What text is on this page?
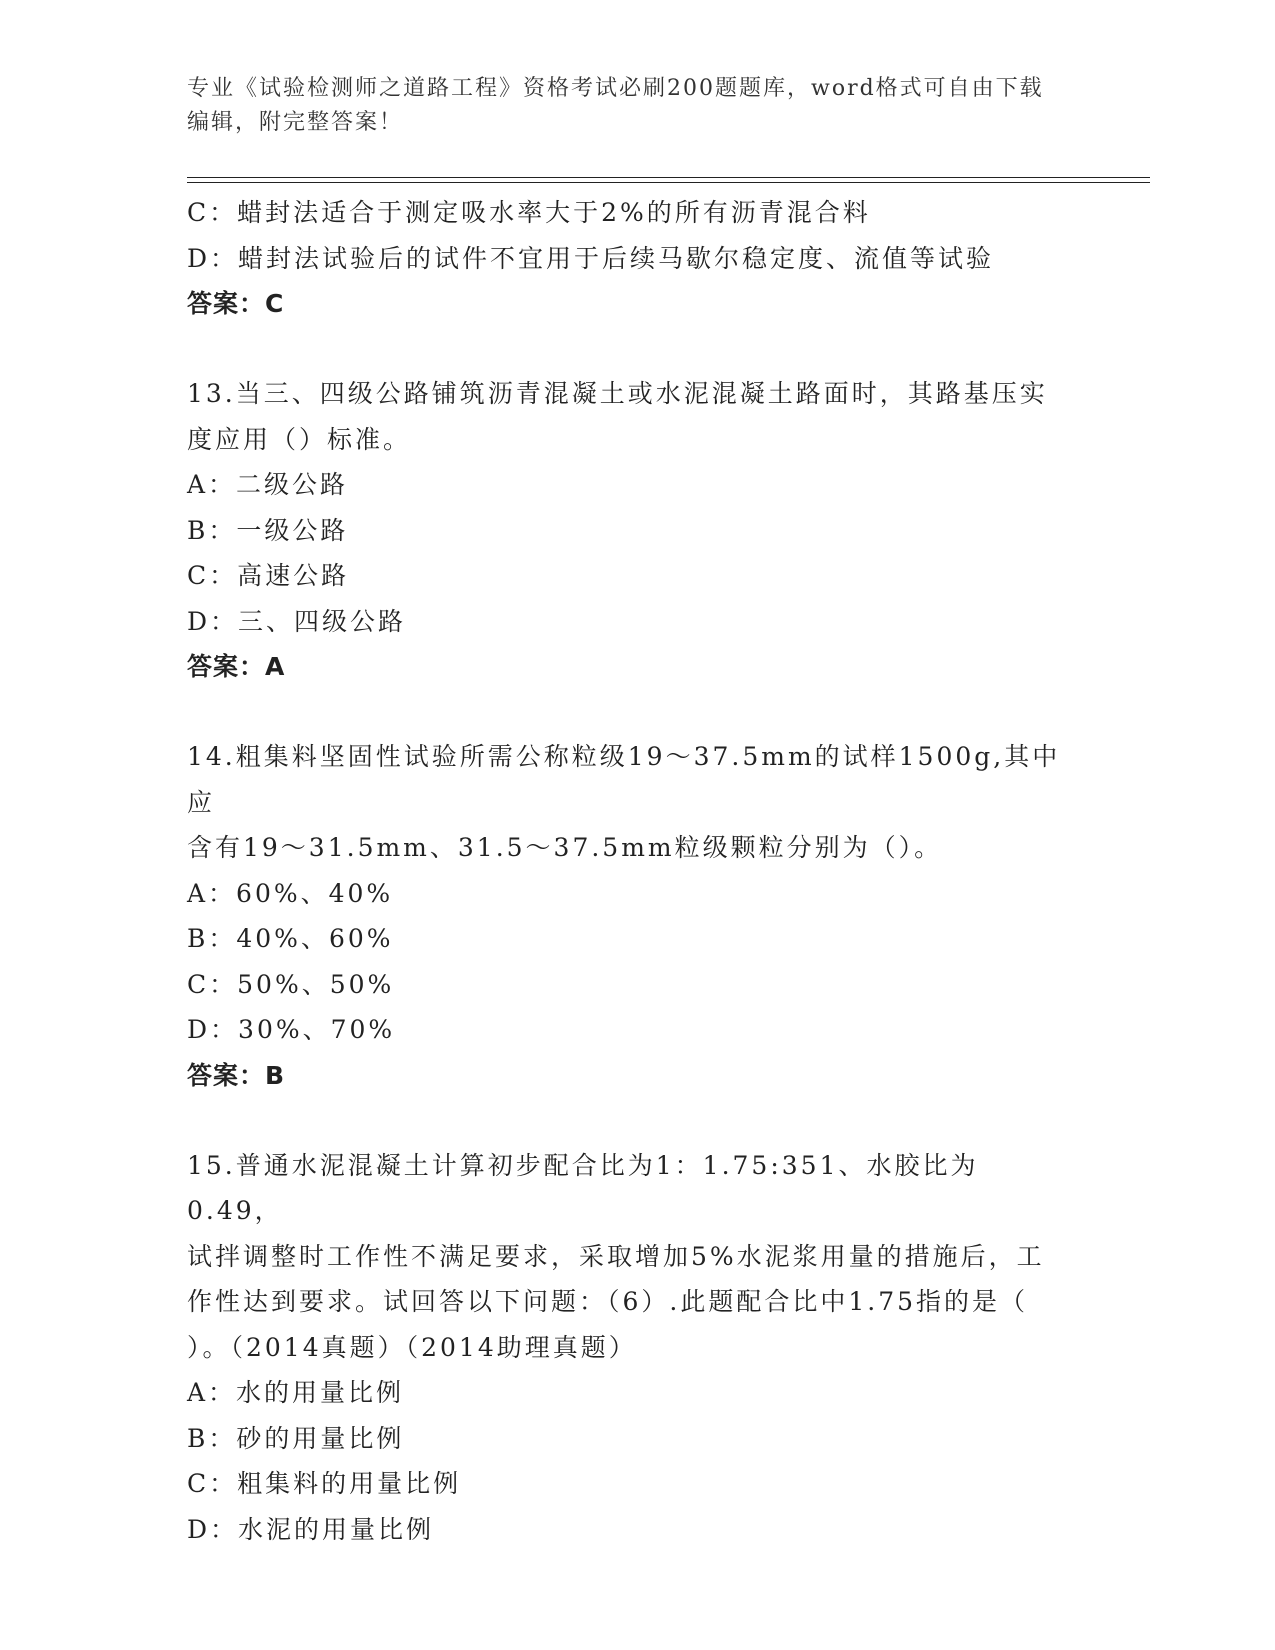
专业《试验检测师之道路工程》资格考试必刷200题题库，word格式可自由下载
编辑，附完整答案！
C：蜡封法适合于测定吸水率大于2%的所有沥青混合料
D：蜡封法试验后的试件不宜用于后续马歇尔稳定度、流值等试验
答案：C
13.当三、四级公路铺筑沥青混凝土或水泥混凝土路面时，其路基压实
度应用（）标准。
A：二级公路
B：一级公路
C：高速公路
D：三、四级公路
答案：A
14.粗集料坚固性试验所需公称粒级19～37.5mm的试样1500g,其中应
含有19～31.5mm、31.5～37.5mm粒级颗粒分别为（）。
A：60%、40%
B：40%、60%
C：50%、50%
D：30%、70%
答案：B
15.普通水泥混凝土计算初步配合比为1：1.75:351、水胶比为0.49，
试拌调整时工作性不满足要求，采取增加5%水泥浆用量的措施后，工
作性达到要求。试回答以下问题：（6）.此题配合比中1.75指的是（
）。（2014真题）（2014助理真题）
A：水的用量比例
B：砂的用量比例
C：粗集料的用量比例
D：水泥的用量比例
